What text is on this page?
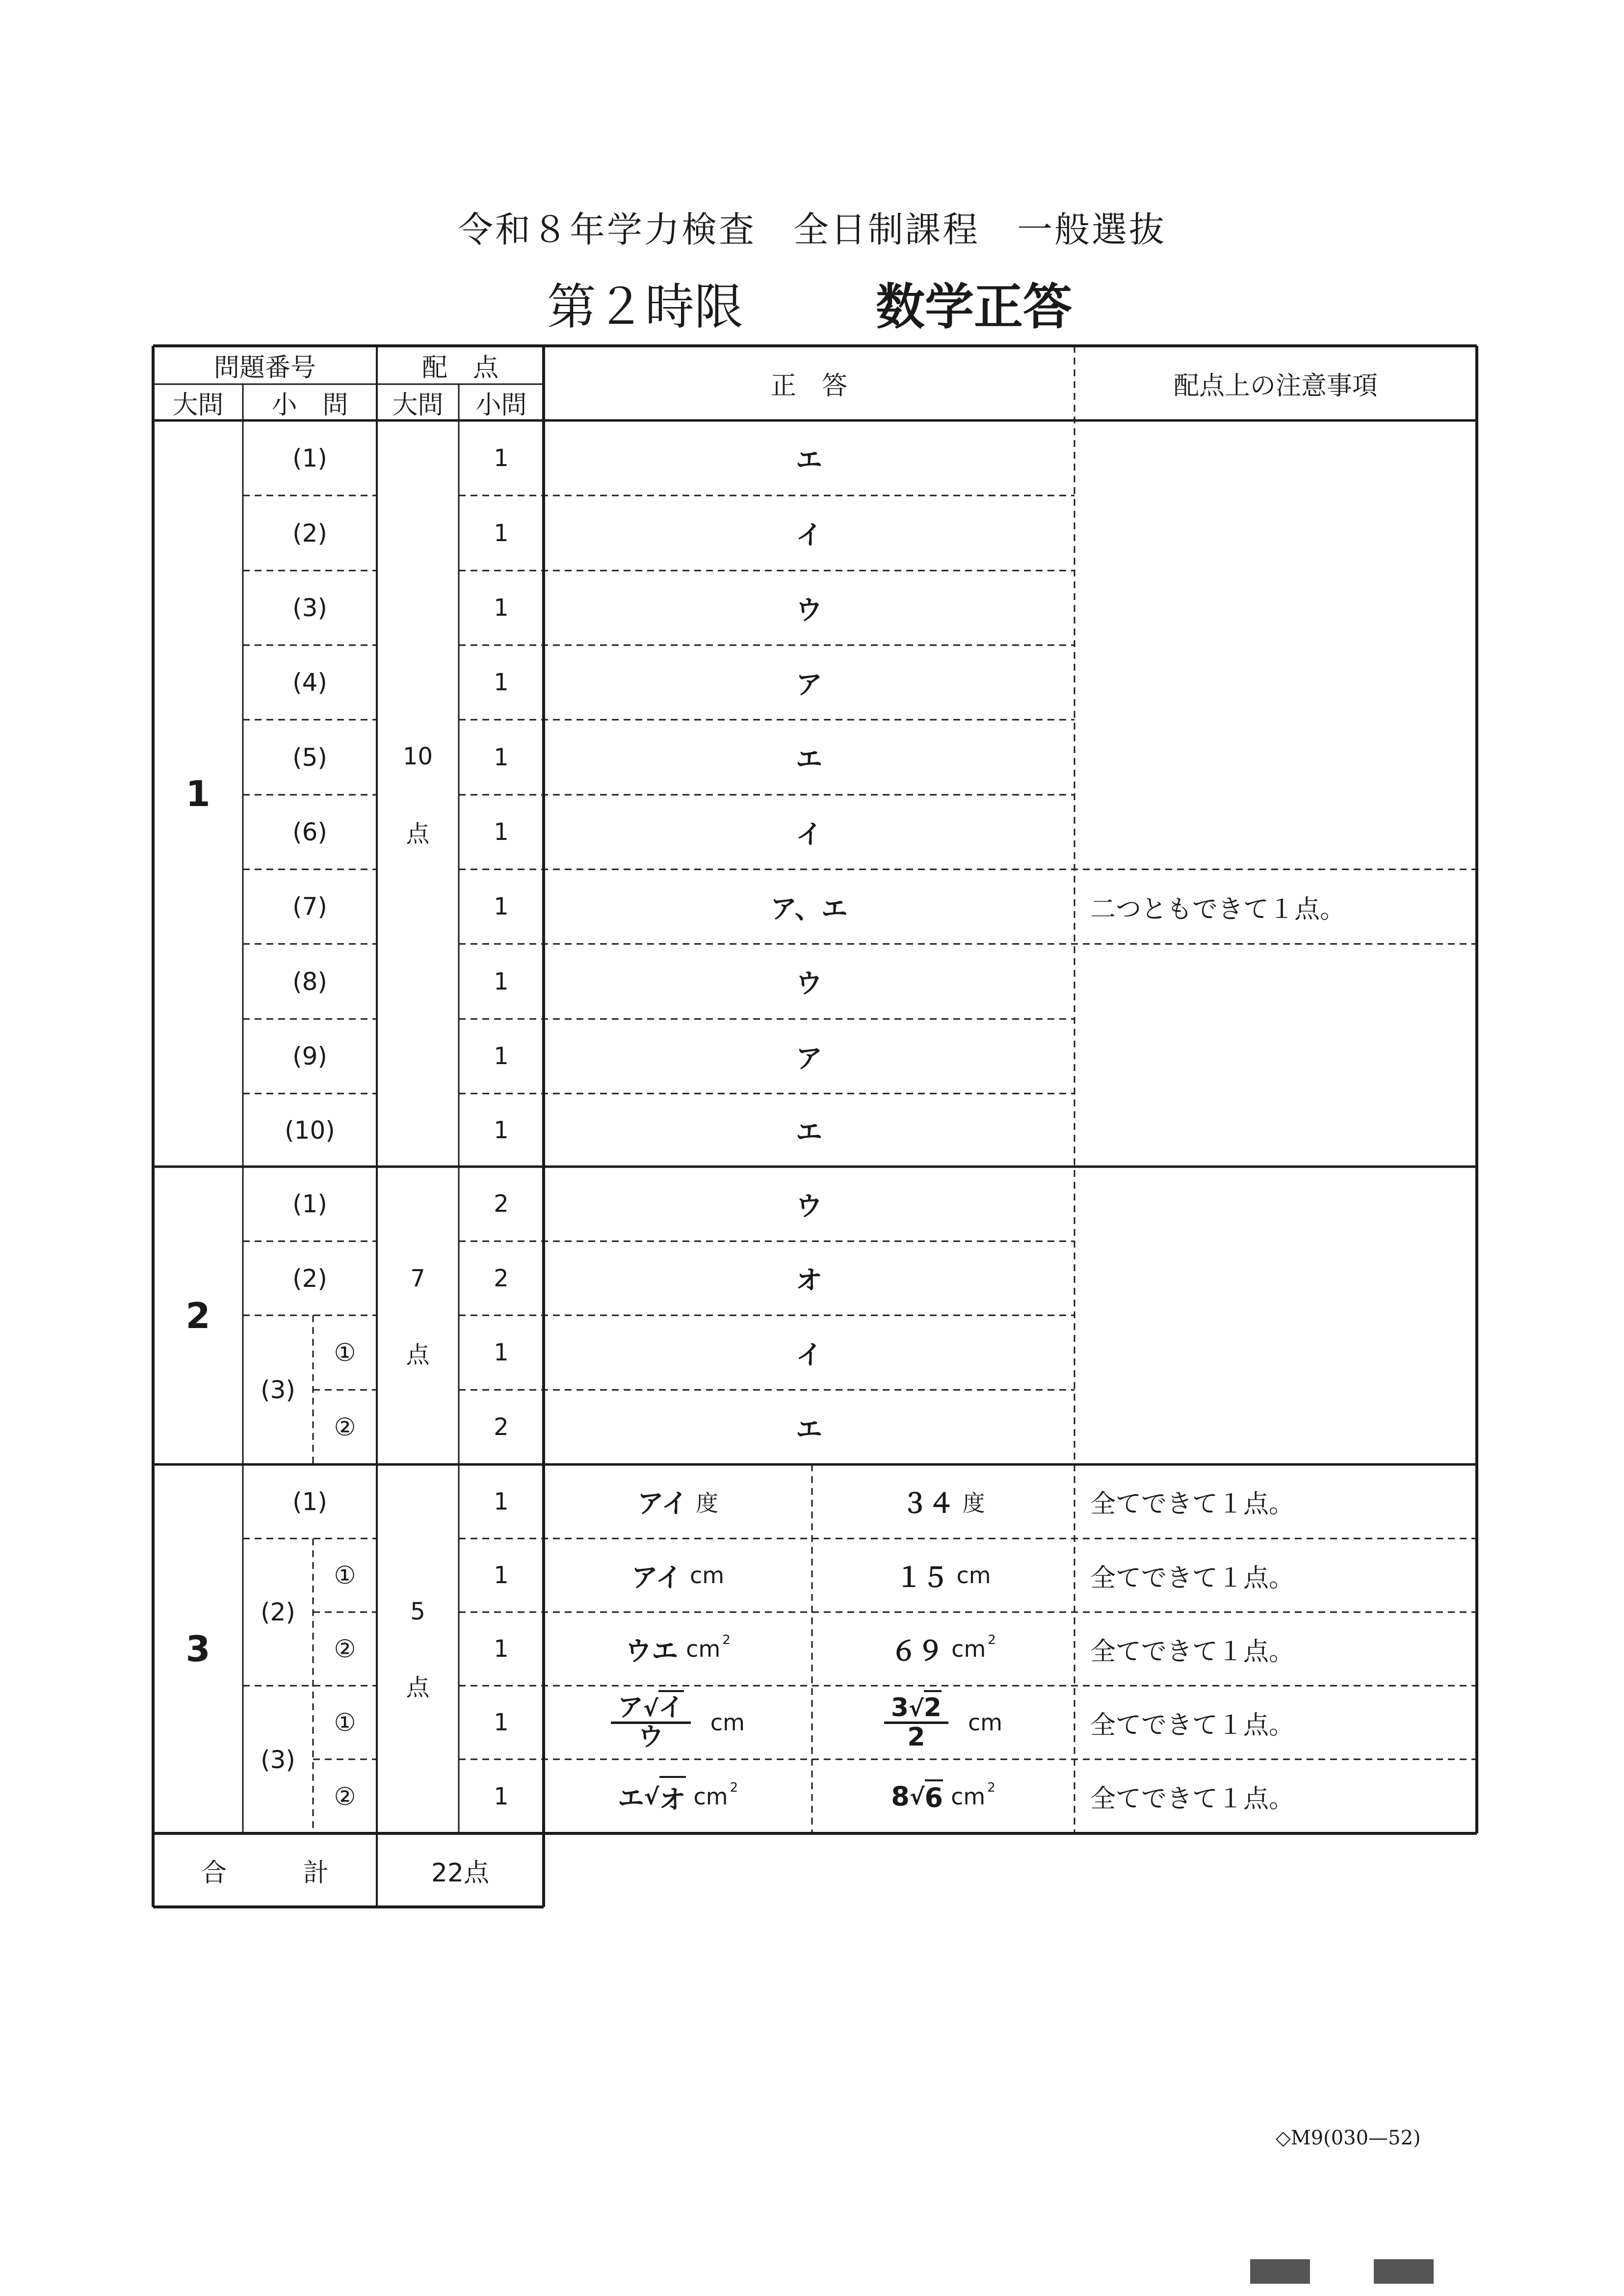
令和８年学力検査　全日制課程　一般選抜
第２時限	数学正答
問題番号
大問	小　問
配　点
大問	小問
正　答	配点上の注意事項
1
10
点
(1)	1	エ
(2)	1	イ
(3)	1	ウ
(4)	1	ア
(5)	1	エ
(6)	1	イ
(7)	1	ア、エ	二つともできて１点。
(8)	1	ウ
(9)	1	ア
(10)	1	エ
2
7
点
(1)	2	ウ
(2)	2	オ
(3)
①	1	イ
②	2	エ
3
5
点
(1)	1	アイ 度	３４ 度	全てできて１点。
(2)
①	1	アイ cm	１５ cm	全てできて１点。
②	1	ウエ cm 2	６９ cm 2	全てできて１点。
(3)
①	1	$\frac{\text{ア√イ}}{\text{ウ}}$ cm	$\frac{3√2}{2}$ cm	全てできて１点。
②	1	エ √ オ cm 2	8 √ 6 cm 2	全てできて１点。
合　　　計	22点
◇M9(030—52)
